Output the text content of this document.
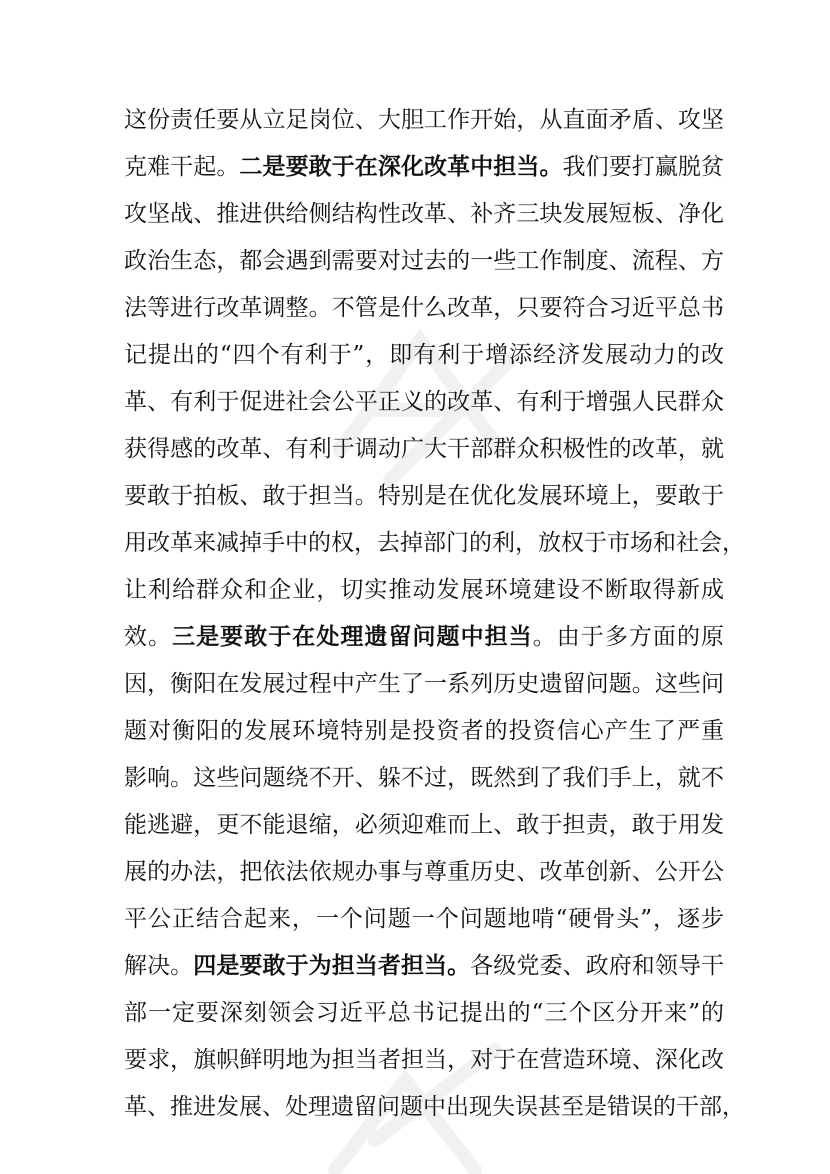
这份责任要从立足岗位、大胆工作开始，从直面矛盾、攻坚
克难干起。二是要敢于在深化改革中担当。我们要打赢脱贫
攻坚战、推进供给侧结构性改革、补齐三块发展短板、净化
政治生态，都会遇到需要对过去的一些工作制度、流程、方
法等进行改革调整。不管是什么改革，只要符合习近平总书
记提出的“四个有利于”，即有利于增添经济发展动力的改
革、有利于促进社会公平正义的改革、有利于增强人民群众
获得感的改革、有利于调动广大干部群众积极性的改革，就
要敢于拍板、敢于担当。特别是在优化发展环境上，要敢于
用改革来减掉手中的权，去掉部门的利，放权于市场和社会，
让利给群众和企业，切实推动发展环境建设不断取得新成
效。三是要敢于在处理遗留问题中担当。由于多方面的原
因，衡阳在发展过程中产生了一系列历史遗留问题。这些问
题对衡阳的发展环境特别是投资者的投资信心产生了严重
影响。这些问题绕不开、躲不过，既然到了我们手上，就不
能逃避，更不能退缩，必须迎难而上、敢于担责，敢于用发
展的办法，把依法依规办事与尊重历史、改革创新、公开公
平公正结合起来，一个问题一个问题地啃“硬骨头”，逐步
解决。四是要敢于为担当者担当。各级党委、政府和领导干
部一定要深刻领会习近平总书记提出的“三个区分开来”的
要求，旗帜鲜明地为担当者担当，对于在营造环境、深化改
革、推进发展、处理遗留问题中出现失误甚至是错误的干部，
